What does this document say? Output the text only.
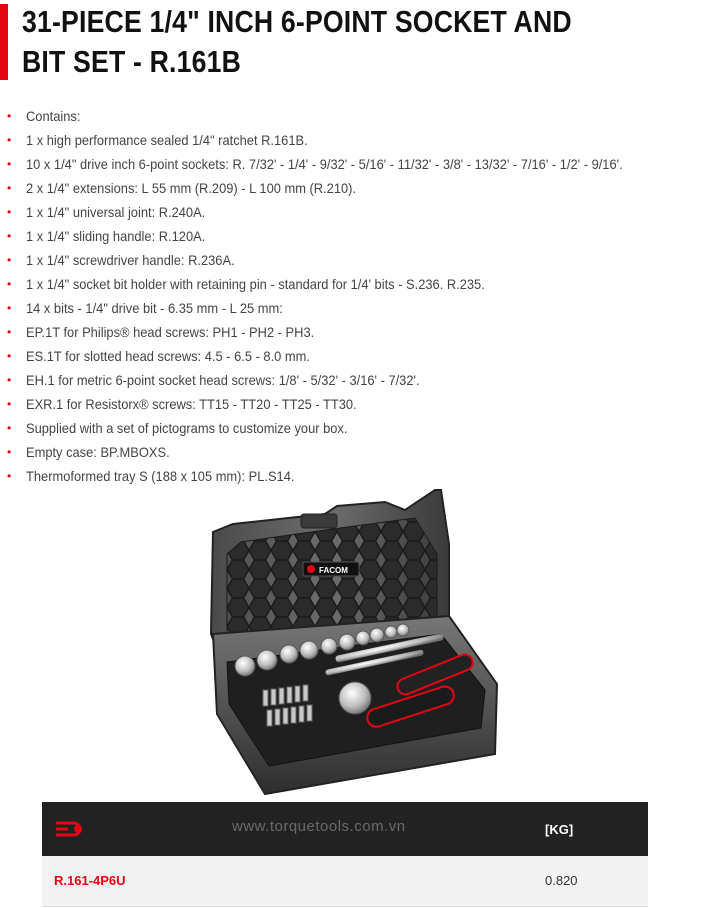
31-PIECE 1/4" INCH 6-POINT SOCKET AND BIT SET - R.161B
• Contains:
• 1 x high performance sealed 1/4" ratchet R.161B.
• 10 x 1/4" drive inch 6-point sockets: R. 7/32' - 1/4' - 9/32' - 5/16' - 11/32' - 3/8' - 13/32' - 7/16' - 1/2' - 9/16'.
• 2 x 1/4" extensions: L 55 mm (R.209) - L 100 mm (R.210).
• 1 x 1/4" universal joint: R.240A.
• 1 x 1/4" sliding handle: R.120A.
• 1 x 1/4" screwdriver handle: R.236A.
• 1 x 1/4" socket bit holder with retaining pin - standard for 1/4' bits - S.236. R.235.
• 14 x bits - 1/4" drive bit - 6.35 mm - L 25 mm:
• EP.1T for Philips® head screws: PH1 - PH2 - PH3.
• ES.1T for slotted head screws: 4.5 - 6.5 - 8.0 mm.
• EH.1 for metric 6-point socket head screws: 1/8' - 5/32' - 3/16' - 7/32'.
• EXR.1 for Resistorx® screws: TT15 - TT20 - TT25 - TT30.
• Supplied with a set of pictograms to customize your box.
• Empty case: BP.MBOXS.
• Thermoformed tray S (188 x 105 mm): PL.S14.
FACOM
www.torquetools.com.vn	[KG]
R.161-4P6U	0.820
